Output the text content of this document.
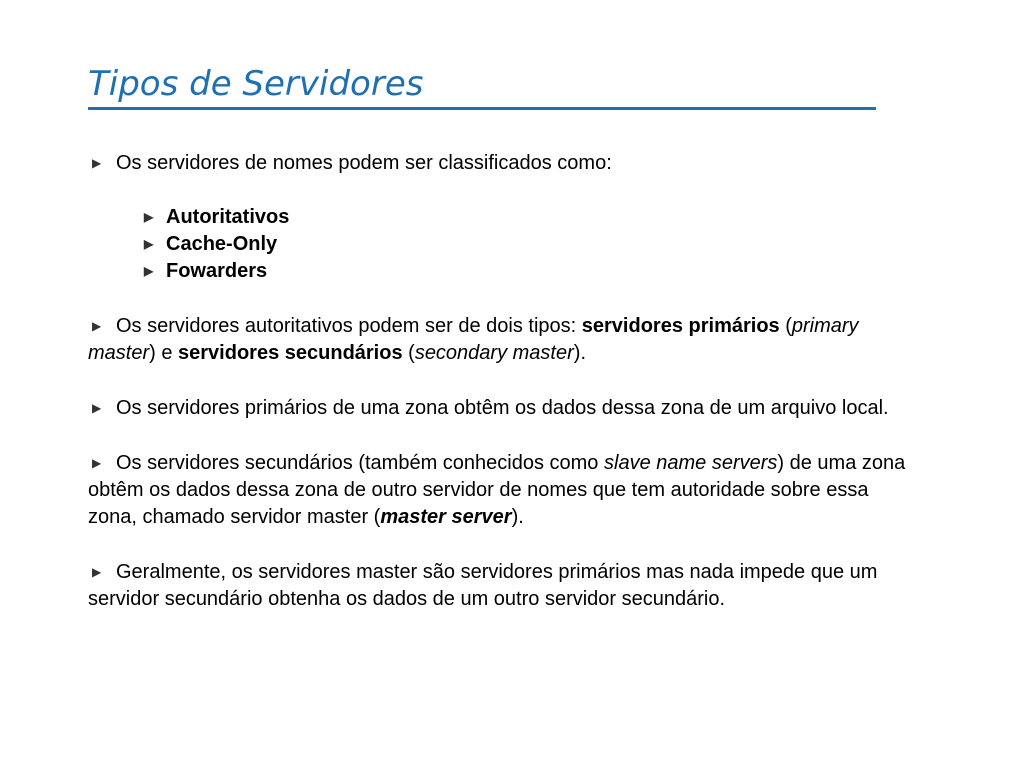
Tipos de Servidores

▶ Os servidores de nomes podem ser classificados como:

▶ Autoritativos
▶ Cache-Only
▶ Fowarders

▶ Os servidores autoritativos podem ser de dois tipos: servidores primários (primary master) e servidores secundários (secondary master).

▶ Os servidores primários de uma zona obtêm os dados dessa zona de um arquivo local.

▶ Os servidores secundários (também conhecidos como slave name servers) de uma zona obtêm os dados dessa zona de outro servidor de nomes que tem autoridade sobre essa zona, chamado servidor master (master server).

▶ Geralmente, os servidores master são servidores primários mas nada impede que um servidor secundário obtenha os dados de um outro servidor secundário.
